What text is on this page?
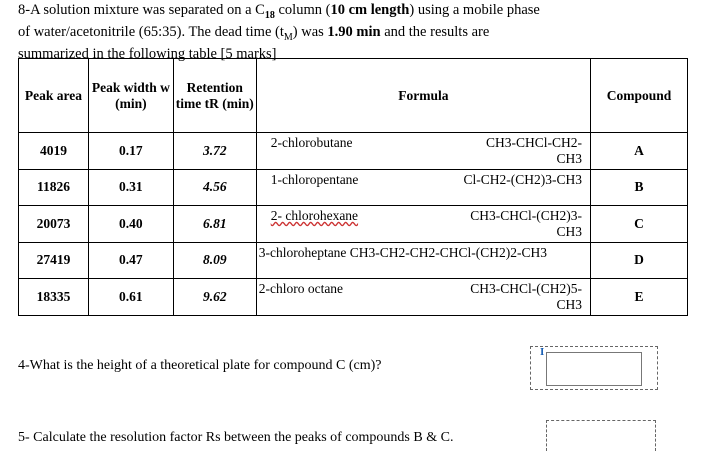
8-A solution mixture was separated on a $C_{18}$ column (10 cm length) using a mobile phase
of water/acetonitrile (65:35). The dead time $(t_M)$ was 1.90 min and the results are
summarized in the following table [5 marks]
Peak area	Peak width w (min)	Retention time tR (min)	Formula	Compound
4019	0.17	3.72	2-chlorobutane CH3-CHCl-CH2-CH3	A
11826	0.31	4.56	1-chloropentane Cl-CH2-(CH2)3-CH3	B
20073	0.40	6.81	2- chlorohexane CH3-CHCl-(CH2)3-CH3	C
27419	0.47	8.09	3-chloroheptane CH3-CH2-CH2-CHCl-(CH2)2-CH3	D
18335	0.61	9.62	2-chloro octane CH3-CHCl-(CH2)5-CH3	E
4-What is the height of a theoretical plate for compound C (cm)?
I
5- Calculate the resolution factor Rs between the peaks of compounds B & C.
